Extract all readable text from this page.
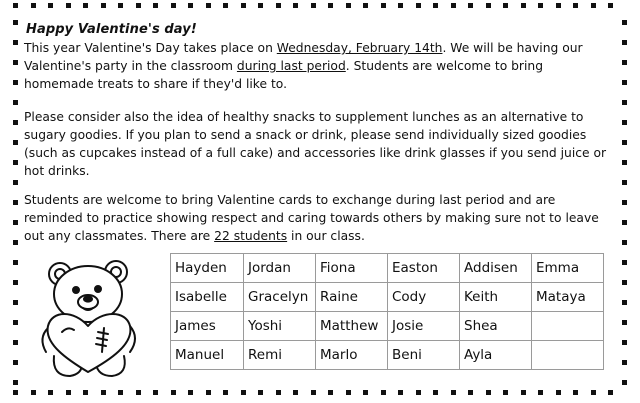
Happy Valentine's day!

This year Valentine's Day takes place on Wednesday, February 14th. We will be having our Valentine's party in the classroom during last period. Students are welcome to bring homemade treats to share if they'd like to.

Please consider also the idea of healthy snacks to supplement lunches as an alternative to sugary goodies. If you plan to send a snack or drink, please send individually sized goodies (such as cupcakes instead of a full cake) and accessories like drink glasses if you send juice or hot drinks.

Students are welcome to bring Valentine cards to exchange during last period and are reminded to practice showing respect and caring towards others by making sure not to leave out any classmates. There are 22 students in our class.

Hayden	Jordan	Fiona	Easton	Addisen	Emma
Isabelle	Gracelyn	Raine	Cody	Keith	Mataya
James	Yoshi	Matthew	Josie	Shea	
Manuel	Remi	Marlo	Beni	Ayla	
